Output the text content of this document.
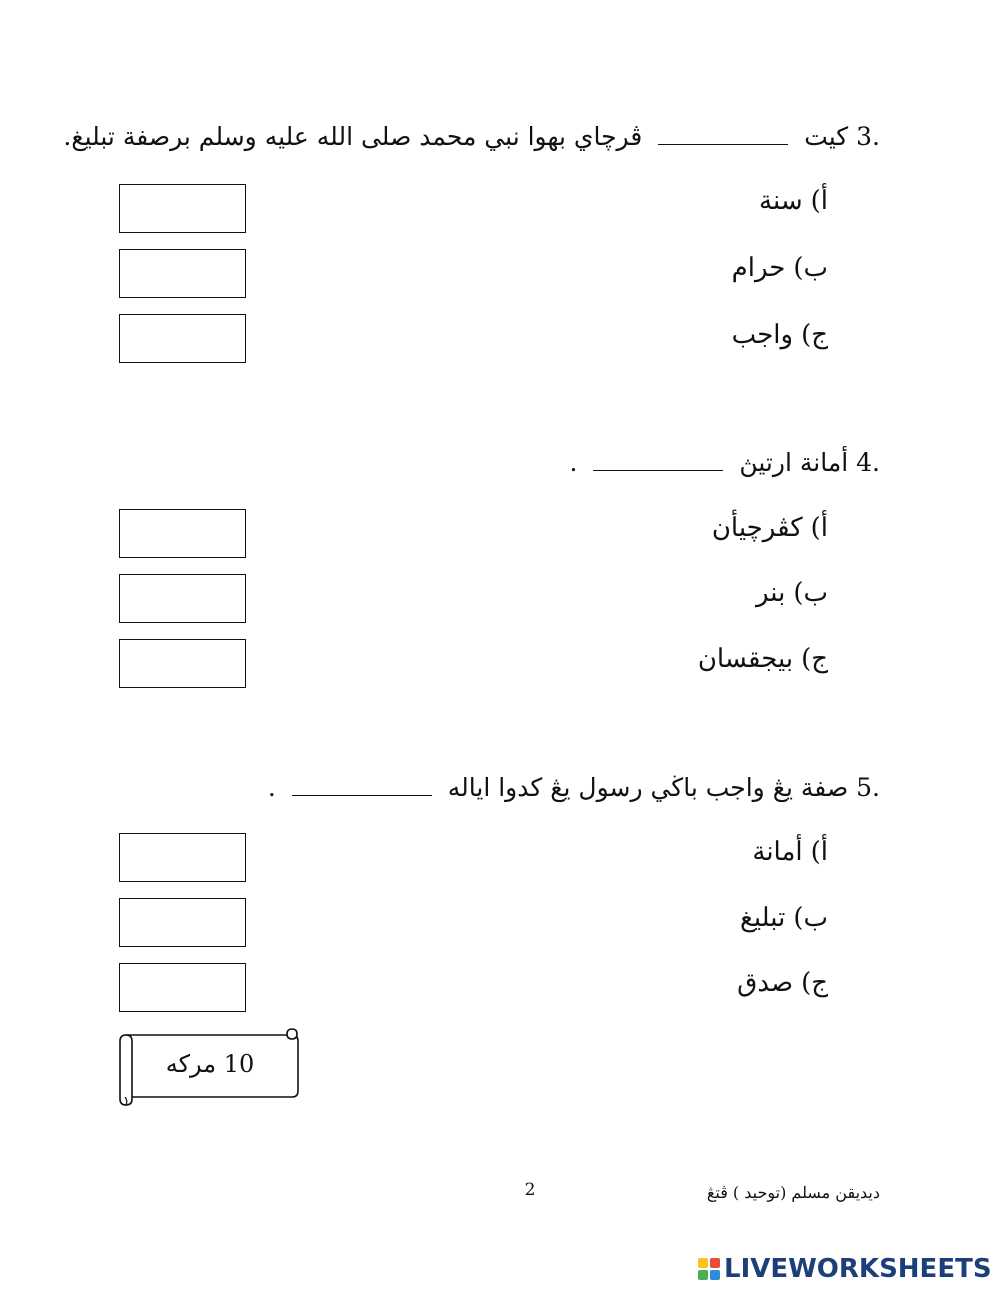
3. كيت  ڤرچاي بهوا نبي محمد صلى الله عليه وسلم برصفة تبليغ.
أ)سنة
ب)حرام
ج)واجب
4. أمانة ارتيڽ  .
أ)كڤرچيأن
ب)بنر
ج)بيجقسان
5. صفة يڠ واجب باڬي رسول يڠ كدوا اياله  .
أ)أمانة
ب)تبليغ
ج)صدق
10 مركه
2	ديديقن مسلم (توحيد ) ڤتڠ
LIVEWORKSHEETS
